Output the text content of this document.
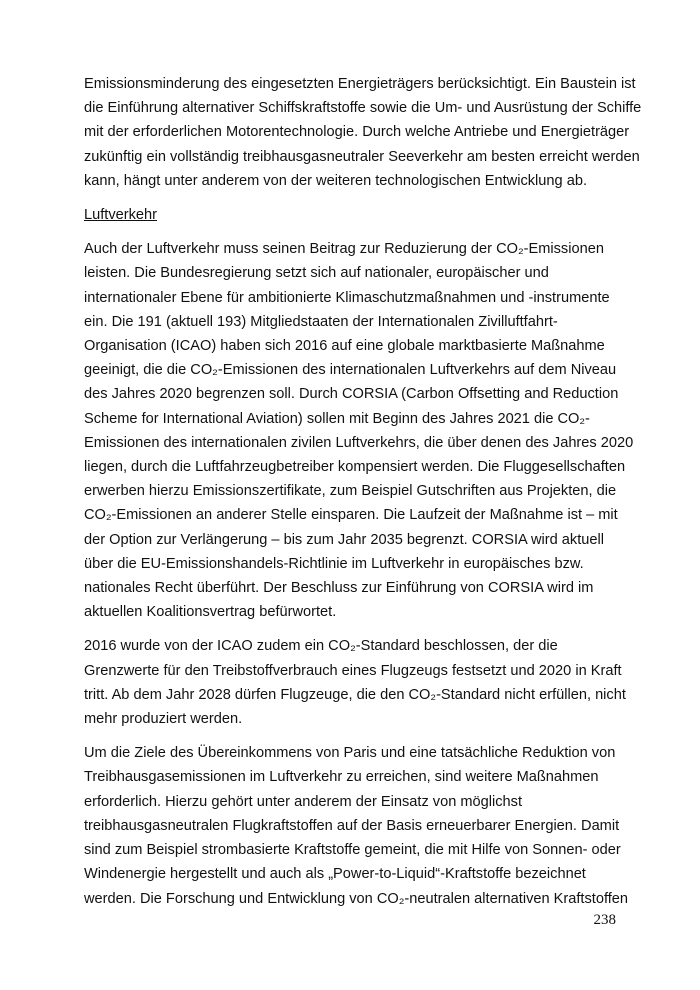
Emissionsminderung des eingesetzten Energieträgers berücksichtigt. Ein Baustein ist
die Einführung alternativer Schiffskraftstoffe sowie die Um- und Ausrüstung der Schiffe
mit der erforderlichen Motorentechnologie. Durch welche Antriebe und Energieträger
zukünftig ein vollständig treibhausgasneutraler Seeverkehr am besten erreicht werden
kann, hängt unter anderem von der weiteren technologischen Entwicklung ab.

Luftverkehr

Auch der Luftverkehr muss seinen Beitrag zur Reduzierung der CO₂-Emissionen
leisten. Die Bundesregierung setzt sich auf nationaler, europäischer und
internationaler Ebene für ambitionierte Klimaschutzmaßnahmen und -instrumente
ein. Die 191 (aktuell 193) Mitgliedstaaten der Internationalen Zivilluftfahrt-
Organisation (ICAO) haben sich 2016 auf eine globale marktbasierte Maßnahme
geeinigt, die die CO₂-Emissionen des internationalen Luftverkehrs auf dem Niveau
des Jahres 2020 begrenzen soll. Durch CORSIA (Carbon Offsetting and Reduction
Scheme for International Aviation) sollen mit Beginn des Jahres 2021 die CO₂-
Emissionen des internationalen zivilen Luftverkehrs, die über denen des Jahres 2020
liegen, durch die Luftfahrzeugbetreiber kompensiert werden. Die Fluggesellschaften
erwerben hierzu Emissionszertifikate, zum Beispiel Gutschriften aus Projekten, die
CO₂-Emissionen an anderer Stelle einsparen. Die Laufzeit der Maßnahme ist – mit
der Option zur Verlängerung – bis zum Jahr 2035 begrenzt. CORSIA wird aktuell
über die EU-Emissionshandels-Richtlinie im Luftverkehr in europäisches bzw.
nationales Recht überführt. Der Beschluss zur Einführung von CORSIA wird im
aktuellen Koalitionsvertrag befürwortet.

2016 wurde von der ICAO zudem ein CO₂-Standard beschlossen, der die
Grenzwerte für den Treibstoffverbrauch eines Flugzeugs festsetzt und 2020 in Kraft
tritt. Ab dem Jahr 2028 dürfen Flugzeuge, die den CO₂-Standard nicht erfüllen, nicht
mehr produziert werden.

Um die Ziele des Übereinkommens von Paris und eine tatsächliche Reduktion von
Treibhausgasemissionen im Luftverkehr zu erreichen, sind weitere Maßnahmen
erforderlich. Hierzu gehört unter anderem der Einsatz von möglichst
treibhausgasneutralen Flugkraftstoffen auf der Basis erneuerbarer Energien. Damit
sind zum Beispiel strombasierte Kraftstoffe gemeint, die mit Hilfe von Sonnen- oder
Windenergie hergestellt und auch als „Power-to-Liquid“-Kraftstoffe bezeichnet
werden. Die Forschung und Entwicklung von CO₂-neutralen alternativen Kraftstoffen

238
